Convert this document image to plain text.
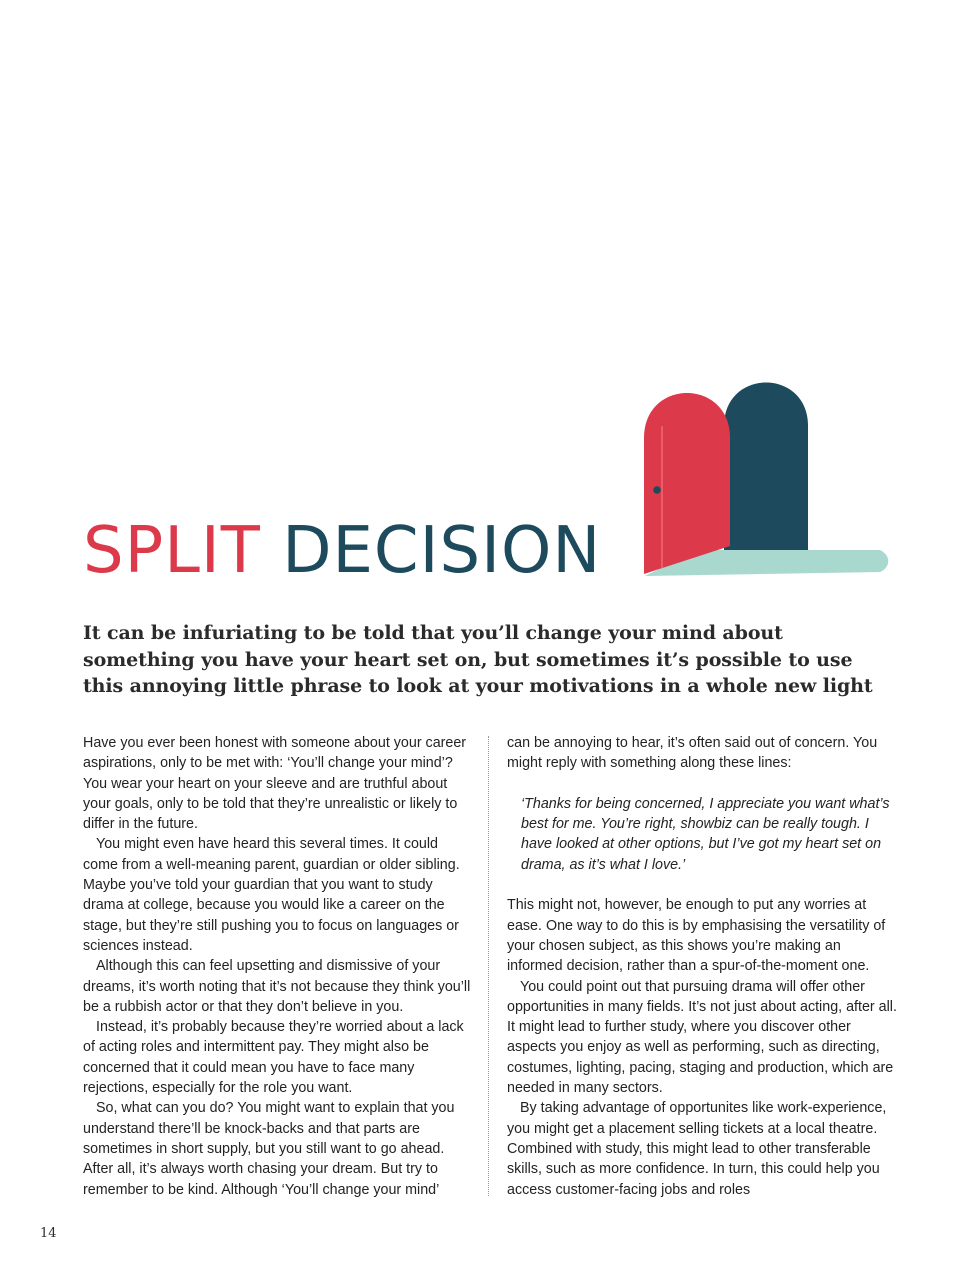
SPLIT DECISION

It can be infuriating to be told that you’ll change your mind about something you have your heart set on, but sometimes it’s possible to use this annoying little phrase to look at your motivations in a whole new light

Have you ever been honest with someone about your career aspirations, only to be met with: ‘You’ll change your mind’? You wear your heart on your sleeve and are truthful about your goals, only to be told that they’re unrealistic or likely to differ in the future.

You might even have heard this several times. It could come from a well-meaning parent, guardian or older sibling. Maybe you’ve told your guardian that you want to study drama at college, because you would like a career on the stage, but they’re still pushing you to focus on languages or sciences instead.

Although this can feel upsetting and dismissive of your dreams, it’s worth noting that it’s not because they think you’ll be a rubbish actor or that they don’t believe in you.

Instead, it’s probably because they’re worried about a lack of acting roles and intermittent pay. They might also be concerned that it could mean you have to face many rejections, especially for the role you want.

So, what can you do? You might want to explain that you understand there’ll be knock-backs and that parts are sometimes in short supply, but you still want to go ahead. After all, it’s always worth chasing your dream. But try to remember to be kind. Although ‘You’ll change your mind’

can be annoying to hear, it’s often said out of concern. You might reply with something along these lines:

‘Thanks for being concerned, I appreciate you want what’s best for me. You’re right, showbiz can be really tough. I have looked at other options, but I’ve got my heart set on drama, as it’s what I love.’

This might not, however, be enough to put any worries at ease. One way to do this is by emphasising the versatility of your chosen subject, as this shows you’re making an informed decision, rather than a spur-of-the-moment one.

You could point out that pursuing drama will offer other opportunities in many fields. It’s not just about acting, after all. It might lead to further study, where you discover other aspects you enjoy as well as performing, such as directing, costumes, lighting, pacing, staging and production, which are needed in many sectors.

By taking advantage of opportunites like work-experience, you might get a placement selling tickets at a local theatre. Combined with study, this might lead to other transferable skills, such as more confidence. In turn, this could help you access customer-facing jobs and roles

14
